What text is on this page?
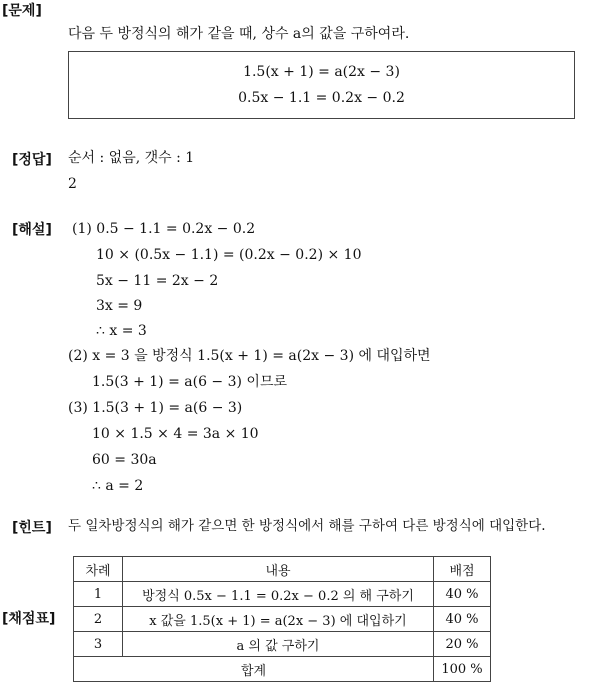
[문제]
다음 두 방정식의 해가 같을 때, 상수 a의 값을 구하여라.
1.5(x + 1) = a(2x − 3)
0.5x − 1.1 = 0.2x − 0.2
[정답] 순서 : 없음, 갯수 : 1
2
[해설] (1) 0.5 − 1.1 = 0.2x − 0.2
10 × (0.5x − 1.1) = (0.2x − 0.2) × 10
5x − 11 = 2x − 2
3x = 9
∴ x = 3
(2) x = 3 을 방정식 1.5(x + 1) = a(2x − 3) 에 대입하면
1.5(3 + 1) = a(6 − 3) 이므로
(3) 1.5(3 + 1) = a(6 − 3)
10 × 1.5 × 4 = 3a × 10
60 = 30a
∴ a = 2
[힌트] 두 일차방정식의 해가 같으면 한 방정식에서 해를 구하여 다른 방정식에 대입한다.
[채점표]
차례	내용	배점
1	방정식 0.5x − 1.1 = 0.2x − 0.2 의 해 구하기	40 %
2	x 값을 1.5(x + 1) = a(2x − 3) 에 대입하기	40 %
3	a 의 값 구하기	20 %
합계		100 %
